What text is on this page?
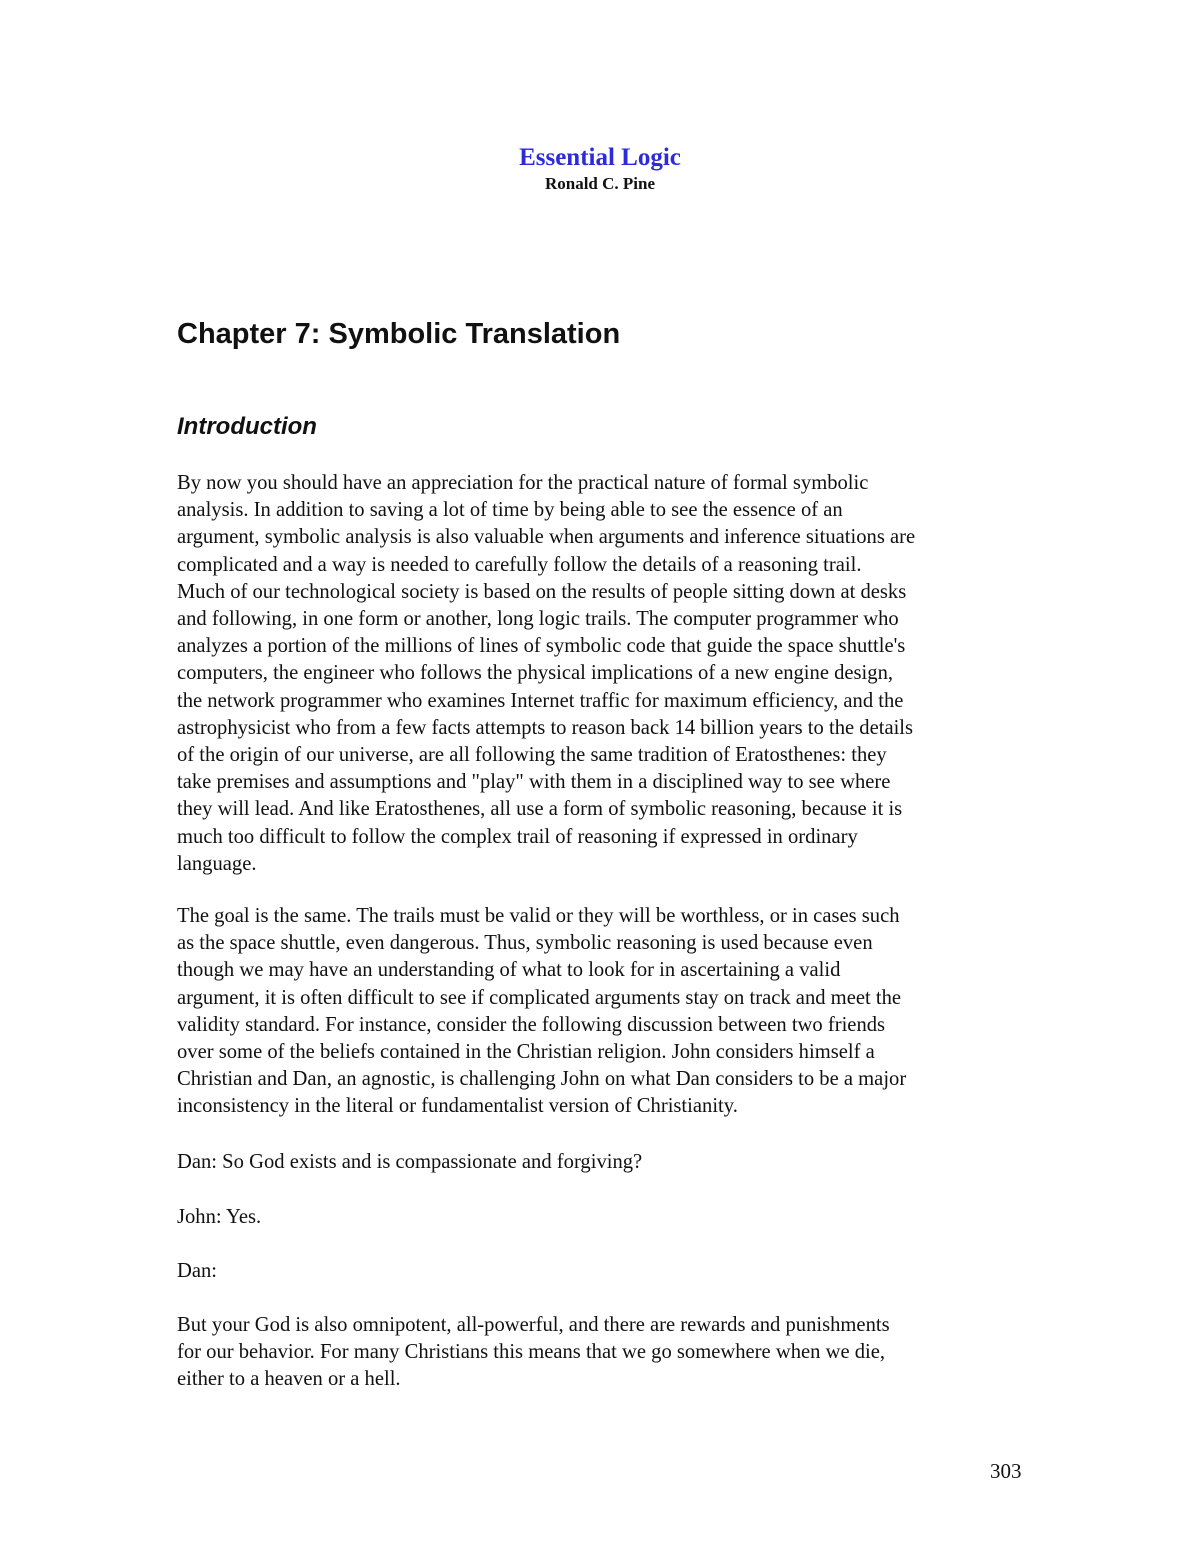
Essential Logic
Ronald C. Pine
Chapter 7: Symbolic Translation
Introduction

By now you should have an appreciation for the practical nature of formal symbolic
analysis. In addition to saving a lot of time by being able to see the essence of an
argument, symbolic analysis is also valuable when arguments and inference situations are
complicated and a way is needed to carefully follow the details of a reasoning trail.
Much of our technological society is based on the results of people sitting down at desks
and following, in one form or another, long logic trails. The computer programmer who
analyzes a portion of the millions of lines of symbolic code that guide the space shuttle's
computers, the engineer who follows the physical implications of a new engine design,
the network programmer who examines Internet traffic for maximum efficiency, and the
astrophysicist who from a few facts attempts to reason back 14 billion years to the details
of the origin of our universe, are all following the same tradition of Eratosthenes: they
take premises and assumptions and "play" with them in a disciplined way to see where
they will lead. And like Eratosthenes, all use a form of symbolic reasoning, because it is
much too difficult to follow the complex trail of reasoning if expressed in ordinary
language.

The goal is the same. The trails must be valid or they will be worthless, or in cases such
as the space shuttle, even dangerous. Thus, symbolic reasoning is used because even
though we may have an understanding of what to look for in ascertaining a valid
argument, it is often difficult to see if complicated arguments stay on track and meet the
validity standard. For instance, consider the following discussion between two friends
over some of the beliefs contained in the Christian religion. John considers himself a
Christian and Dan, an agnostic, is challenging John on what Dan considers to be a major
inconsistency in the literal or fundamentalist version of Christianity.

Dan: So God exists and is compassionate and forgiving?

John: Yes.

Dan:

But your God is also omnipotent, all-powerful, and there are rewards and punishments
for our behavior. For many Christians this means that we go somewhere when we die,
either to a heaven or a hell.

303
